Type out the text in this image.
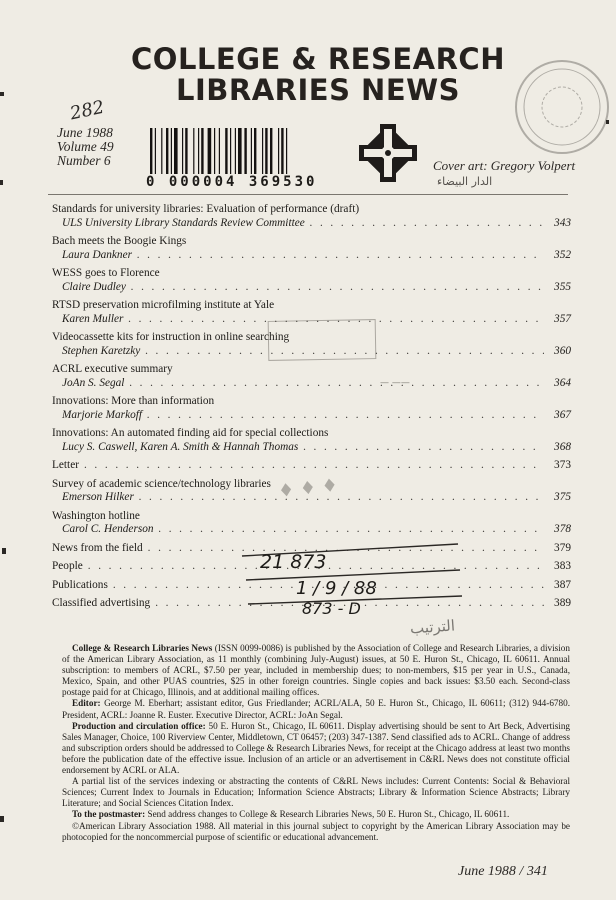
COLLEGE & RESEARCH
LIBRARIES NEWS
282
June 1988
Volume 49
Number 6
0 000004 369530
Cover art: Gregory Volpert
الدار البيضاء
Standards for university libraries: Evaluation of performance (draft)
ULS University Library Standards Review Committee . . .	343
Bach meets the Boogie Kings
Laura Dankner . . .	352
WESS goes to Florence
Claire Dudley . . .	355
RTSD preservation microfilming institute at Yale
Karen Muller . . .	357
Videocassette kits for instruction in online searching
Stephen Karetzky . . .	360
ACRL executive summary
JoAn S. Segal . . .	364
Innovations: More than information
Marjorie Markoff . . .	367
Innovations: An automated finding aid for special collections
Lucy S. Caswell, Karen A. Smith & Hannah Thomas . . .	368
Letter . . .	373
Survey of academic science/technology libraries
Emerson Hilker . . .	375
Washington hotline
Carol C. Henderson . . .	378
News from the field . . .	379
People . . .	383
Publications . . .	387
Classified advertising . . .	389
— ——
♦ ♦ ♦
21 873
1 / 9 / 88
873 - D
الترتيب

College & Research Libraries News (ISSN 0099-0086) is published by the Association of College and Research Libraries, a division of the American Library Association, as 11 monthly (combining July-August) issues, at 50 E. Huron St., Chicago, IL 60611. Annual subscription: to members of ACRL, $7.50 per year, included in membership dues; to non-members, $15 per year in U.S., Canada, Mexico, Spain, and other PUAS countries, $25 in other foreign countries. Single copies and back issues: $3.50 each. Second-class postage paid for at Chicago, Illinois, and at additional mailing offices.

Editor: George M. Eberhart; assistant editor, Gus Friedlander; ACRL/ALA, 50 E. Huron St., Chicago, IL 60611; (312) 944-6780. President, ACRL: Joanne R. Euster. Executive Director, ACRL: JoAn Segal.

Production and circulation office: 50 E. Huron St., Chicago, IL 60611. Display advertising should be sent to Art Beck, Advertising Sales Manager, Choice, 100 Riverview Center, Middletown, CT 06457; (203) 347-1387. Send classified ads to ACRL. Change of address and subscription orders should be addressed to College & Research Libraries News, for receipt at the Chicago address at least two months before the publication date of the effective issue. Inclusion of an article or an advertisement in C&RL News does not constitute official endorsement by ACRL or ALA.

A partial list of the services indexing or abstracting the contents of C&RL News includes: Current Contents: Social & Behavioral Sciences; Current Index to Journals in Education; Information Science Abstracts; Library & Information Science Abstracts; Library Literature; and Social Sciences Citation Index.

To the postmaster: Send address changes to College & Research Libraries News, 50 E. Huron St., Chicago, IL 60611.

©American Library Association 1988. All material in this journal subject to copyright by the American Library Association may be photocopied for the noncommercial purpose of scientific or educational advancement.

June 1988 / 341
